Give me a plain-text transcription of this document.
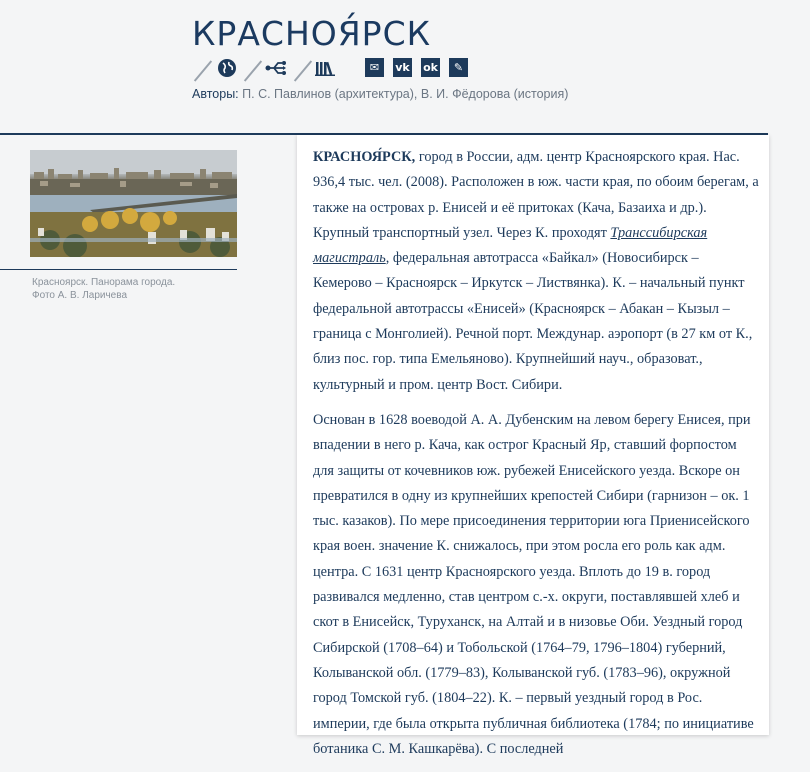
КРАСНОЯ́РСК
✉	vk ok	✎
Авторы: П. С. Павлинов (архитектура), В. И. Фёдорова (история)
Красноярск. Панорама города.
Фото А. В. Ларичева

КРАСНОЯ́РСК, город в России, адм. центр Красноярского края. Нас. 936,4 тыс. чел. (2008). Расположен в юж. части края, по обоим берегам, а также на островах р. Енисей и её притоках (Кача, Базаиха и др.). Крупный транспортный узел. Через К. проходят Транссибирская магистраль, федеральная автотрасса «Байкал» (Новосибирск – Кемерово – Красноярск – Иркутск – Листвянка). К. – начальный пункт федеральной автотрассы «Енисей» (Красноярск – Абакан – Кызыл – граница с Монголией). Речной порт. Междунар. аэропорт (в 27 км от К., близ пос. гор. типа Емельяново). Крупнейший науч., образоват., культурный и пром. центр Вост. Сибири.

Основан в 1628 воеводой А. А. Дубенским на левом берегу Енисея, при впадении в него р. Кача, как острог Красный Яр, ставший форпостом для защиты от кочевников юж. рубежей Енисейского уезда. Вскоре он превратился в одну из крупнейших крепостей Сибири (гарнизон – ок. 1 тыс. казаков). По мере присоединения территории юга Приенисейского края воен. значение К. снижалось, при этом росла его роль как адм. центра. С 1631 центр Красноярского уезда. Вплоть до 19 в. город развивался медленно, став центром с.-х. округи, поставлявшей хлеб и скот в Енисейск, Туруханск, на Алтай и в низовье Оби. Уездный город Сибирской (1708–64) и Тобольской (1764–79, 1796–1804) губерний, Колыванской обл. (1779–83), Колыванской губ. (1783–96), окружной город Томской губ. (1804–22). К. – первый уездный город в Рос. империи, где была открыта публичная библиотека (1784; по инициативе ботаника С. М. Кашкарёва). С последней
